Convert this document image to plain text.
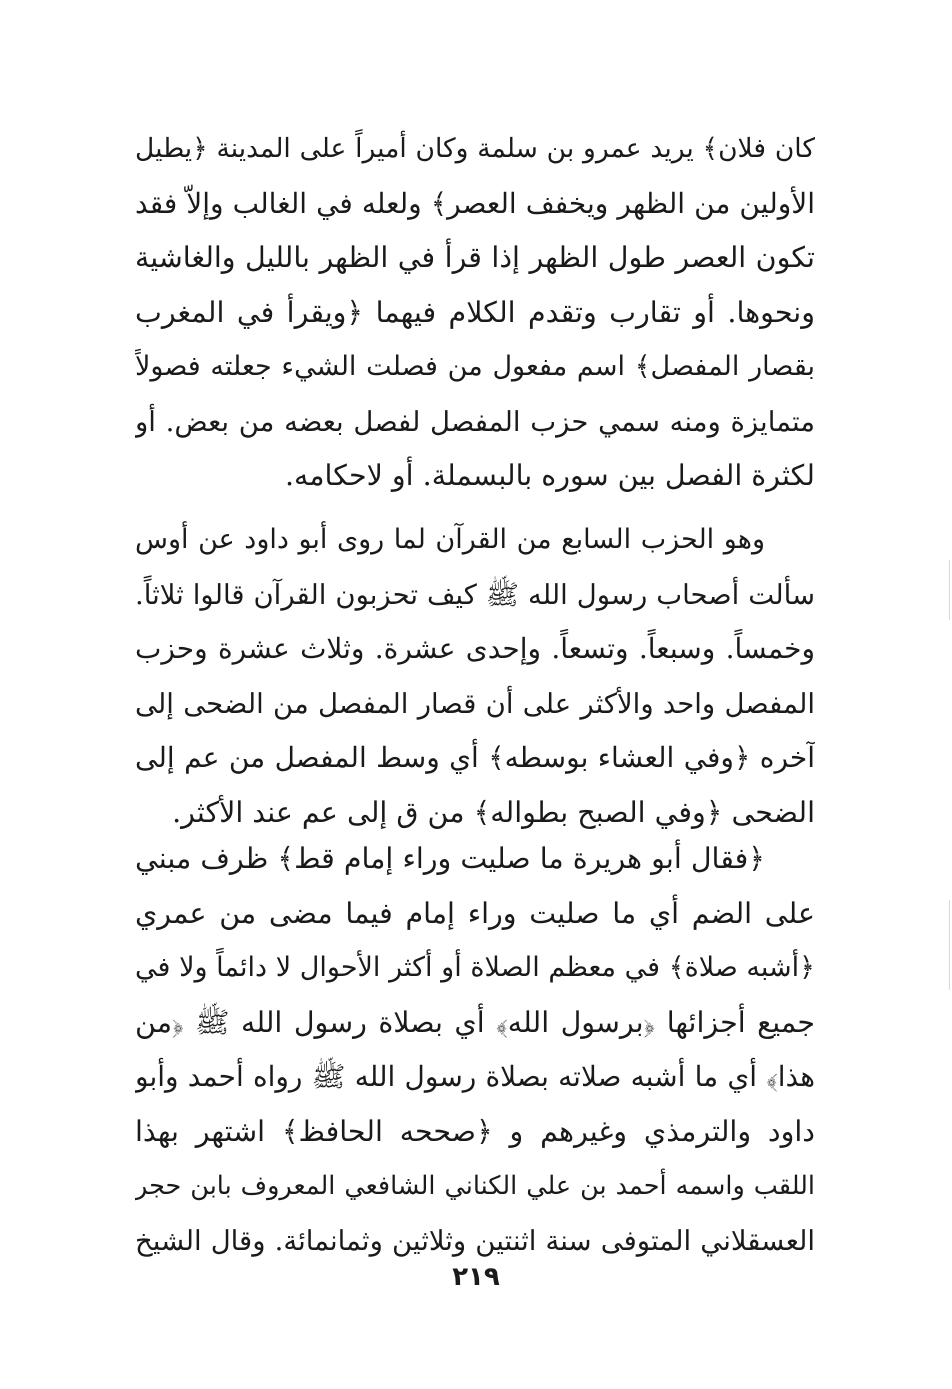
كان فلان﴾ يريد عمرو بن سلمة وكان أميراً على المدينة ﴿يطيل
الأولين من الظهر ويخفف العصر﴾ ولعله في الغالب وإلاّ فقد
تكون العصر طول الظهر إذا قرأ في الظهر بالليل والغاشية
ونحوها. أو تقارب وتقدم الكلام فيهما ﴿ويقرأ في المغرب
بقصار المفصل﴾ اسم مفعول من فصلت الشيء جعلته فصولاً
متمايزة ومنه سمي حزب المفصل لفصل بعضه من بعض. أو
لكثرة الفصل بين سوره بالبسملة. أو لاحكامه.
وهو الحزب السابع من القرآن لما روى أبو داود عن أوس
سألت أصحاب رسول الله ﷺ كيف تحزبون القرآن قالوا ثلاثاً.
وخمساً. وسبعاً. وتسعاً. وإحدى عشرة. وثلاث عشرة وحزب
المفصل واحد والأكثر على أن قصار المفصل من الضحى إلى
آخره ﴿وفي العشاء بوسطه﴾ أي وسط المفصل من عم إلى
الضحى ﴿وفي الصبح بطواله﴾ من ق إلى عم عند الأكثر.
﴿فقال أبو هريرة ما صليت وراء إمام قط﴾ ظرف مبني
على الضم أي ما صليت وراء إمام فيما مضى من عمري
﴿أشبه صلاة﴾ في معظم الصلاة أو أكثر الأحوال لا دائماً ولا في
جميع أجزائها ﴿برسول الله﴾ أي بصلاة رسول الله ﷺ ﴿من
هذا﴾ أي ما أشبه صلاته بصلاة رسول الله ﷺ رواه أحمد وأبو
داود والترمذي وغيرهم و ﴿صححه الحافظ﴾ اشتهر بهذا
اللقب واسمه أحمد بن علي الكناني الشافعي المعروف بابن حجر
العسقلاني المتوفى سنة اثنتين وثلاثين وثمانمائة. وقال الشيخ
٢١٩
